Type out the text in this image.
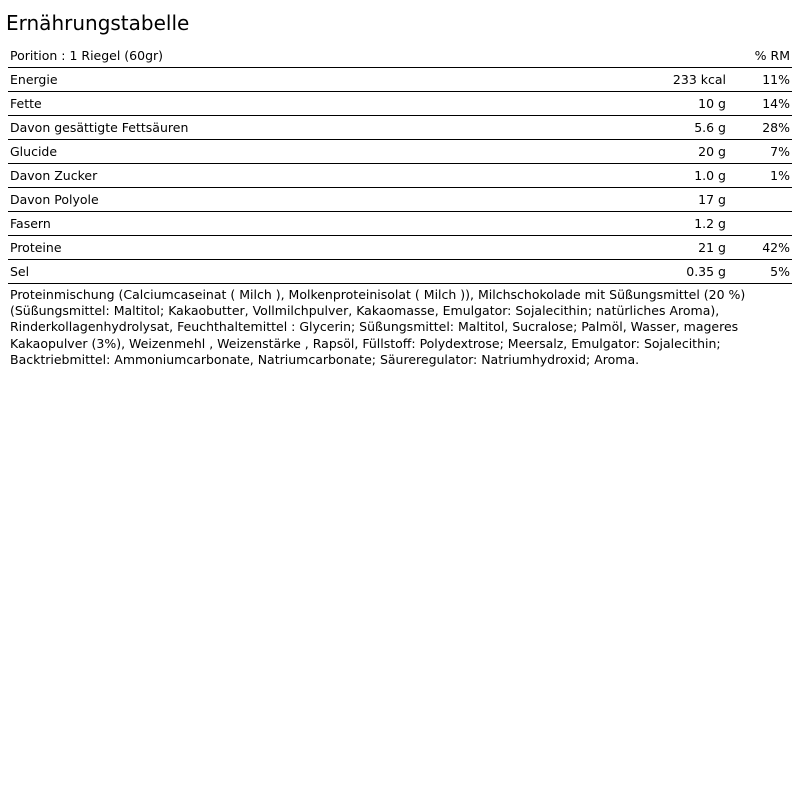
Ernährungstabelle
Porition : 1 Riegel (60gr)		% RM
Energie	233 kcal	11%
Fette	10 g	14%
Davon gesättigte Fettsäuren	5.6 g	28%
Glucide	20 g	7%
Davon Zucker	1.0 g	1%
Davon Polyole	17 g	
Fasern	1.2 g	
Proteine	21 g	42%
Sel	0.35 g	5%
Proteinmischung (Calciumcaseinat ( Milch ), Molkenproteinisolat ( Milch )), Milchschokolade mit Süßungsmittel (20 %)
(Süßungsmittel: Maltitol; Kakaobutter, Vollmilchpulver, Kakaomasse, Emulgator: Sojalecithin; natürliches Aroma),
Rinderkollagenhydrolysat, Feuchthaltemittel : Glycerin; Süßungsmittel: Maltitol, Sucralose; Palmöl, Wasser, mageres
Kakaopulver (3%), Weizenmehl , Weizenstärke , Rapsöl, Füllstoff: Polydextrose; Meersalz, Emulgator: Sojalecithin;
Backtriebmittel: Ammoniumcarbonate, Natriumcarbonate; Säureregulator: Natriumhydroxid; Aroma.
